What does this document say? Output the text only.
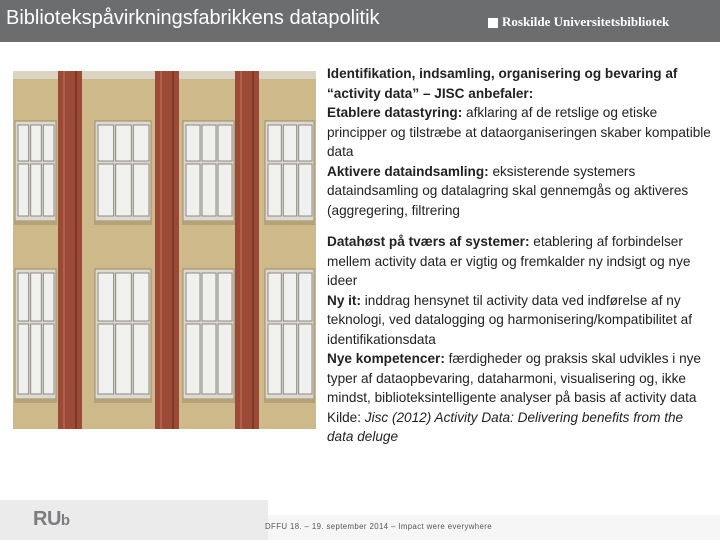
Bibliotekspåvirkningsfabrikkens datapolitik	Roskilde Universitetsbibliotek

Identifikation, indsamling, organisering og bevaring af “activity data” – JISC anbefaler:

Etablere datastyring: afklaring af de retslige og etiske principper og tilstræbe at dataorganiseringen skaber kompatible data

Aktivere dataindsamling: eksisterende systemers dataindsamling og datalagring skal gennemgås og aktiveres (aggregering, filtrering

Datahøst på tværs af systemer: etablering af forbindelser mellem activity data er vigtig og fremkalder ny indsigt og nye ideer

Ny it: inddrag hensynet til activity data ved indførelse af ny teknologi, ved datalogging og harmonisering/kompatibilitet af identifikationsdata

Nye kompetencer: færdigheder og praksis skal udvikles i nye typer af dataopbevaring, dataharmoni, visualisering og, ikke mindst, biblioteksintelligente analyser på basis af activity data

Kilde: Jisc (2012) Activity Data: Delivering benefits from the data deluge

RUb	DFFU 18. – 19. september 2014 – Impact were everywhere
